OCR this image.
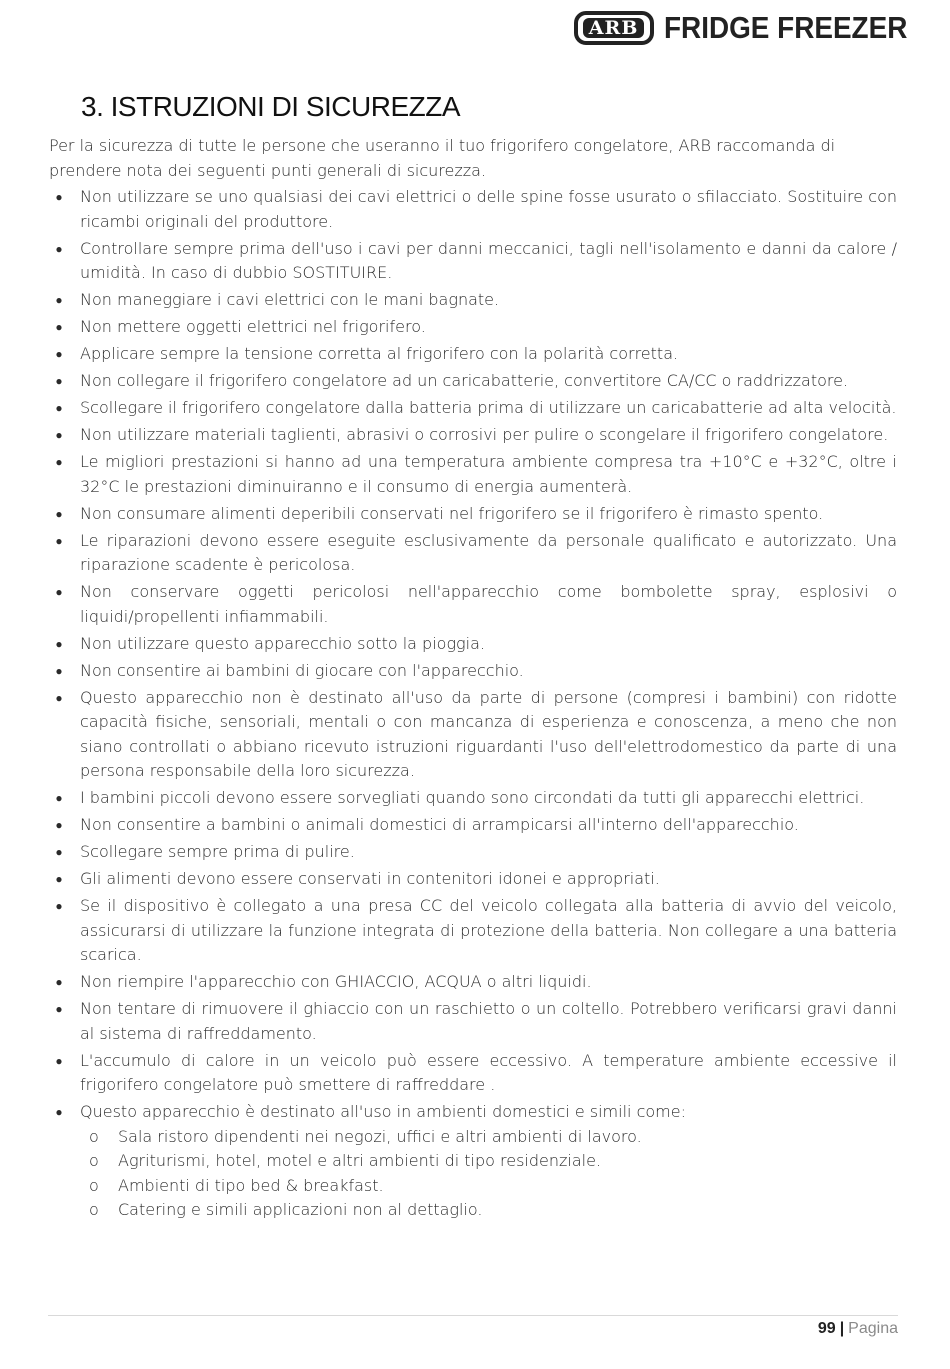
ARB FRIDGE FREEZER
3. ISTRUZIONI DI SICUREZZA

Per la sicurezza di tutte le persone che useranno il tuo frigorifero congelatore, ARB raccomanda di prendere nota dei seguenti punti generali di sicurezza.

● Non utilizzare se uno qualsiasi dei cavi elettrici o delle spine fosse usurato o sfilacciato. Sostituire con ricambi originali del produttore.
● Controllare sempre prima dell'uso i cavi per danni meccanici, tagli nell'isolamento e danni da calore / umidità. In caso di dubbio SOSTITUIRE.
● Non maneggiare i cavi elettrici con le mani bagnate.
● Non mettere oggetti elettrici nel frigorifero.
● Applicare sempre la tensione corretta al frigorifero con la polarità corretta.
● Non collegare il frigorifero congelatore ad un caricabatterie, convertitore CA/CC o raddrizzatore.
● Scollegare il frigorifero congelatore dalla batteria prima di utilizzare un caricabatterie ad alta velocità.
● Non utilizzare materiali taglienti, abrasivi o corrosivi per pulire o scongelare il frigorifero congelatore.
● Le migliori prestazioni si hanno ad una temperatura ambiente compresa tra +10°C e +32°C, oltre i 32°C le prestazioni diminuiranno e il consumo di energia aumenterà.
● Non consumare alimenti deperibili conservati nel frigorifero se il frigorifero è rimasto spento.
● Le riparazioni devono essere eseguite esclusivamente da personale qualificato e autorizzato. Una riparazione scadente è pericolosa.
● Non conservare oggetti pericolosi nell'apparecchio come bombolette spray, esplosivi o liquidi/propellenti infiammabili.
● Non utilizzare questo apparecchio sotto la pioggia.
● Non consentire ai bambini di giocare con l'apparecchio.
● Questo apparecchio non è destinato all'uso da parte di persone (compresi i bambini) con ridotte capacità fisiche, sensoriali, mentali o con mancanza di esperienza e conoscenza, a meno che non siano controllati o abbiano ricevuto istruzioni riguardanti l'uso dell'elettrodomestico da parte di una persona responsabile della loro sicurezza.
● I bambini piccoli devono essere sorvegliati quando sono circondati da tutti gli apparecchi elettrici.
● Non consentire a bambini o animali domestici di arrampicarsi all'interno dell'apparecchio.
● Scollegare sempre prima di pulire.
● Gli alimenti devono essere conservati in contenitori idonei e appropriati.
● Se il dispositivo è collegato a una presa CC del veicolo collegata alla batteria di avvio del veicolo, assicurarsi di utilizzare la funzione integrata di protezione della batteria. Non collegare a una batteria scarica.
● Non riempire l'apparecchio con GHIACCIO, ACQUA o altri liquidi.
● Non tentare di rimuovere il ghiaccio con un raschietto o un coltello. Potrebbero verificarsi gravi danni al sistema di raffreddamento.
● L'accumulo di calore in un veicolo può essere eccessivo. A temperature ambiente eccessive il frigorifero congelatore può smettere di raffreddare .
● Questo apparecchio è destinato all'uso in ambienti domestici e simili come:
o Sala ristoro dipendenti nei negozi, uffici e altri ambienti di lavoro.
o Agriturismi, hotel, motel e altri ambienti di tipo residenziale.
o Ambienti di tipo bed & breakfast.
o Catering e simili applicazioni non al dettaglio.
99 | Pagina
